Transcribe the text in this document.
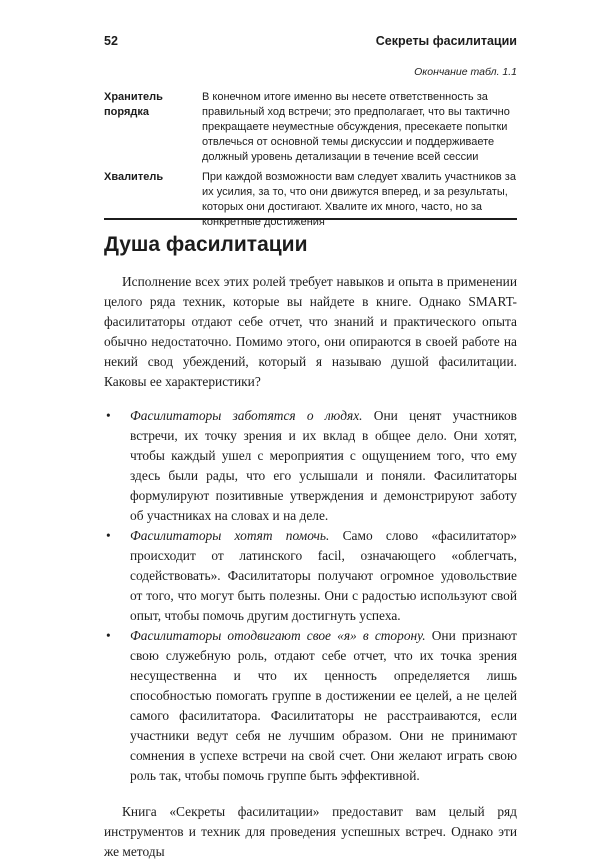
52	Секреты фасилитации
Окончание табл. 1.1
Хранитель порядка
В конечном итоге именно вы несете ответственность за правильный ход встречи; это предполагает, что вы тактично прекращаете неуместные обсуждения, пресекаете попытки отвлечься от основной темы дискуссии и поддерживаете должный уровень детализации в течение всей сессии
Хвалитель	При каждой возможности вам следует хвалить участников за их усилия, за то, что они движутся вперед, и за результаты, которых они достигают. Хвалите их много, часто, но за конкретные достижения
Душа фасилитации

Исполнение всех этих ролей требует навыков и опыта в применении целого ряда техник, которые вы найдете в книге. Однако SMART-фасилитаторы отдают себе отчет, что знаний и практического опыта обычно недостаточно. Помимо этого, они опираются в своей работе на некий свод убеждений, который я называю душой фасилитации. Каковы ее характеристики?

• Фасилитаторы заботятся о людях. Они ценят участников встречи, их точку зрения и их вклад в общее дело. Они хотят, чтобы каждый ушел с мероприятия с ощущением того, что ему здесь были рады, что его услышали и поняли. Фасилитаторы формулируют позитивные утверждения и демонстрируют заботу об участниках на словах и на деле.
• Фасилитаторы хотят помочь. Само слово «фасилитатор» происходит от латинского facil, означающего «облегчать, содействовать». Фасилитаторы получают огромное удовольствие от того, что могут быть полезны. Они с радостью используют свой опыт, чтобы помочь другим достигнуть успеха.
• Фасилитаторы отодвигают свое «я» в сторону. Они признают свою служебную роль, отдают себе отчет, что их точка зрения несущественна и что их ценность определяется лишь способностью помогать группе в достижении ее целей, а не целей самого фасилитатора. Фасилитаторы не расстраиваются, если участники ведут себя не лучшим образом. Они не принимают сомнения в успехе встречи на свой счет. Они желают играть свою роль так, чтобы помочь группе быть эффективной.

Книга «Секреты фасилитации» предоставит вам целый ряд инструментов и техник для проведения успешных встреч. Однако эти же методы
